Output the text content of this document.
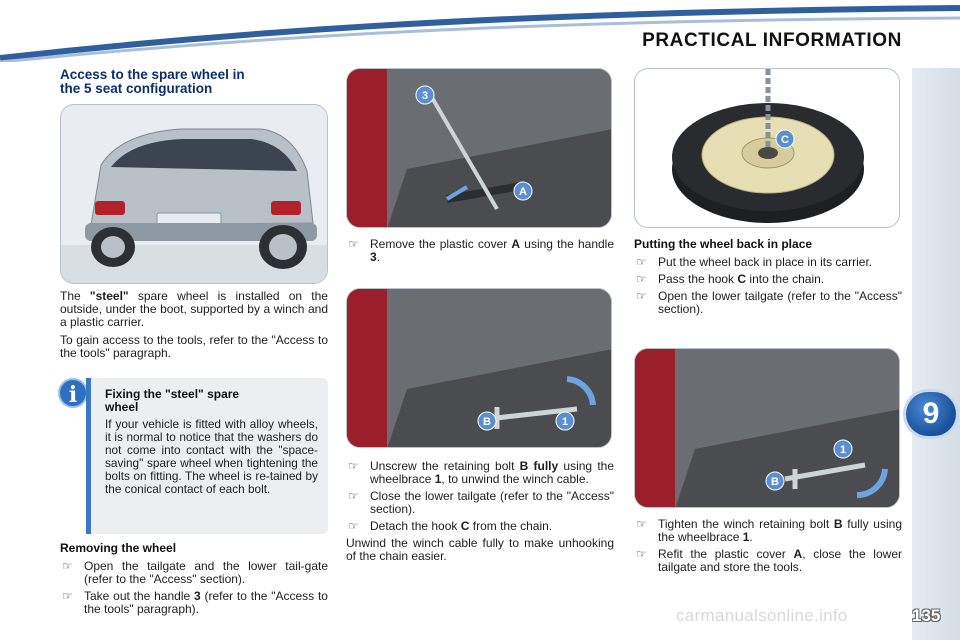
PRACTICAL INFORMATION
9
carmanualsonline.info	135
Access to the spare wheel in
the 5 seat configuration

The "steel" spare wheel is installed on the outside, under the boot, supported by a winch and a plastic carrier.

To gain access to the tools, refer to the "Access to the tools" paragraph.

i	Fixing the "steel" spare
wheel

If your vehicle is fitted with alloy wheels, it is normal to notice that the washers do not come into contact with the "space-saving" spare wheel when tightening the bolts on fitting. The wheel is re-tained by the conical contact of each bolt.

Removing the wheel
☞ Open the tailgate and the lower tail-gate (refer to the "Access" section).
☞ Take out the handle 3 (refer to the "Access to the tools" paragraph).
3
A
☞ Remove the plastic cover A using the handle 3.
B	1
☞ Unscrew the retaining bolt B fully using the wheelbrace 1, to unwind the winch cable.
☞ Close the lower tailgate (refer to the "Access" section).
☞ Detach the hook C from the chain.

Unwind the winch cable fully to make unhooking of the chain easier.

C
Putting the wheel back in place
☞ Put the wheel back in place in its carrier.
☞ Pass the hook C into the chain.
☞ Open the lower tailgate (refer to the "Access" section).
1
B
☞ Tighten the winch retaining bolt B fully using the wheelbrace 1.
☞ Refit the plastic cover A, close the lower tailgate and store the tools.
